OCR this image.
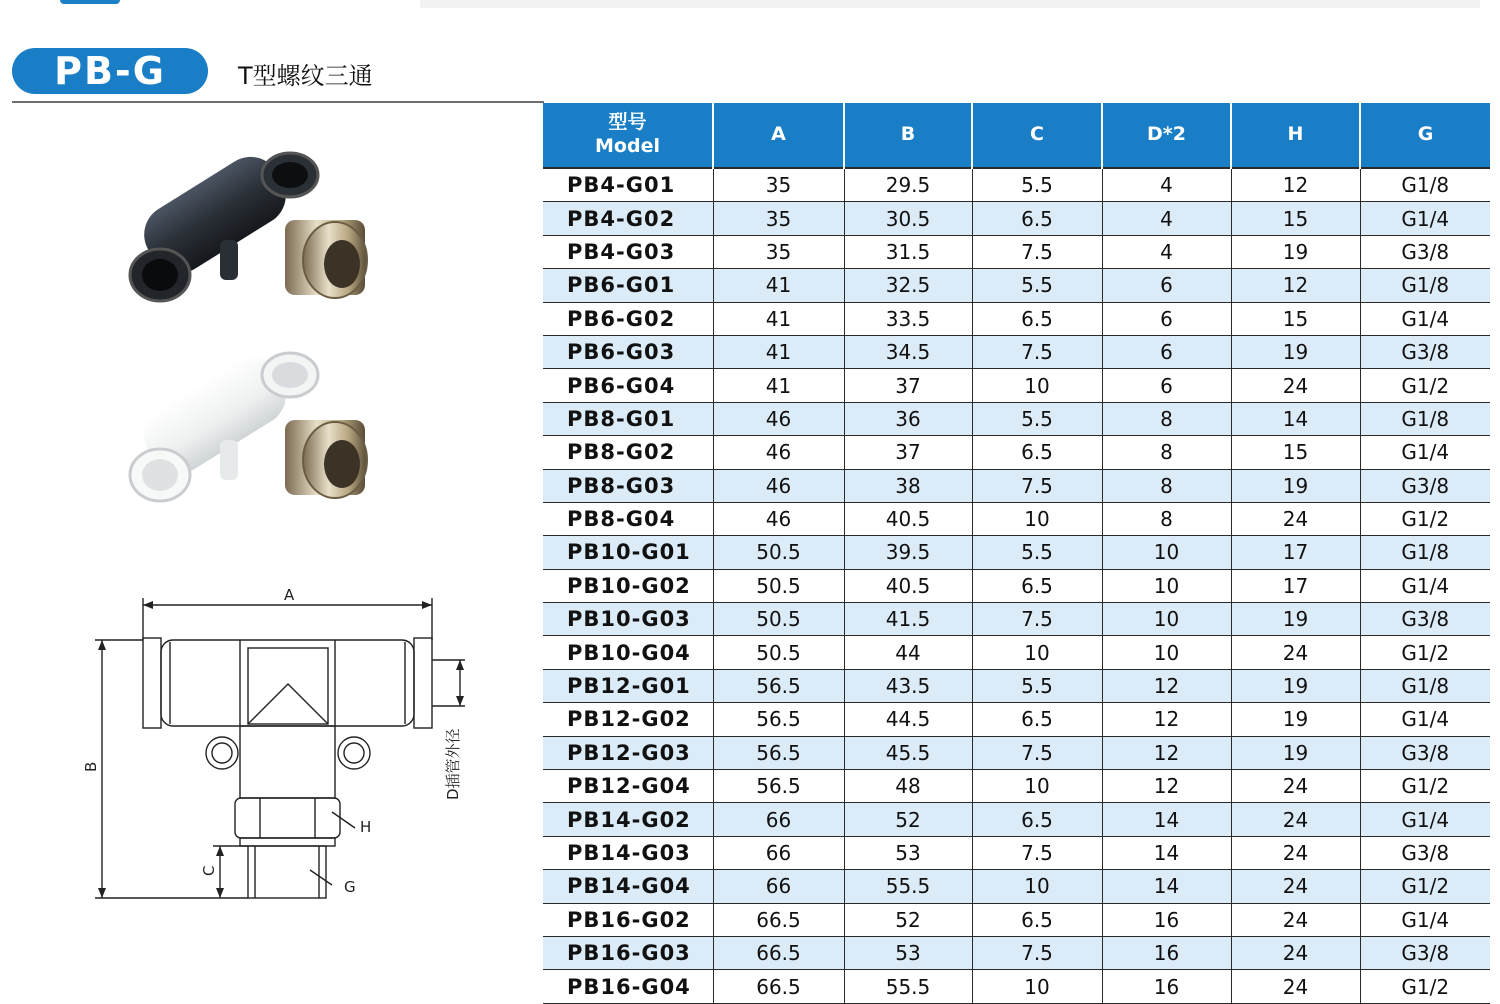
PB-G	T型螺纹三通
A
B
C
D插管外径
H
G
型号
Model	A	B	C	D*2	H	G
PB4-G01	35	29.5	5.5	4	12	G1/8
PB4-G02	35	30.5	6.5	4	15	G1/4
PB4-G03	35	31.5	7.5	4	19	G3/8
PB6-G01	41	32.5	5.5	6	12	G1/8
PB6-G02	41	33.5	6.5	6	15	G1/4
PB6-G03	41	34.5	7.5	6	19	G3/8
PB6-G04	41	37	10	6	24	G1/2
PB8-G01	46	36	5.5	8	14	G1/8
PB8-G02	46	37	6.5	8	15	G1/4
PB8-G03	46	38	7.5	8	19	G3/8
PB8-G04	46	40.5	10	8	24	G1/2
PB10-G01	50.5	39.5	5.5	10	17	G1/8
PB10-G02	50.5	40.5	6.5	10	17	G1/4
PB10-G03	50.5	41.5	7.5	10	19	G3/8
PB10-G04	50.5	44	10	10	24	G1/2
PB12-G01	56.5	43.5	5.5	12	19	G1/8
PB12-G02	56.5	44.5	6.5	12	19	G1/4
PB12-G03	56.5	45.5	7.5	12	19	G3/8
PB12-G04	56.5	48	10	12	24	G1/2
PB14-G02	66	52	6.5	14	24	G1/4
PB14-G03	66	53	7.5	14	24	G3/8
PB14-G04	66	55.5	10	14	24	G1/2
PB16-G02	66.5	52	6.5	16	24	G1/4
PB16-G03	66.5	53	7.5	16	24	G3/8
PB16-G04	66.5	55.5	10	16	24	G1/2
